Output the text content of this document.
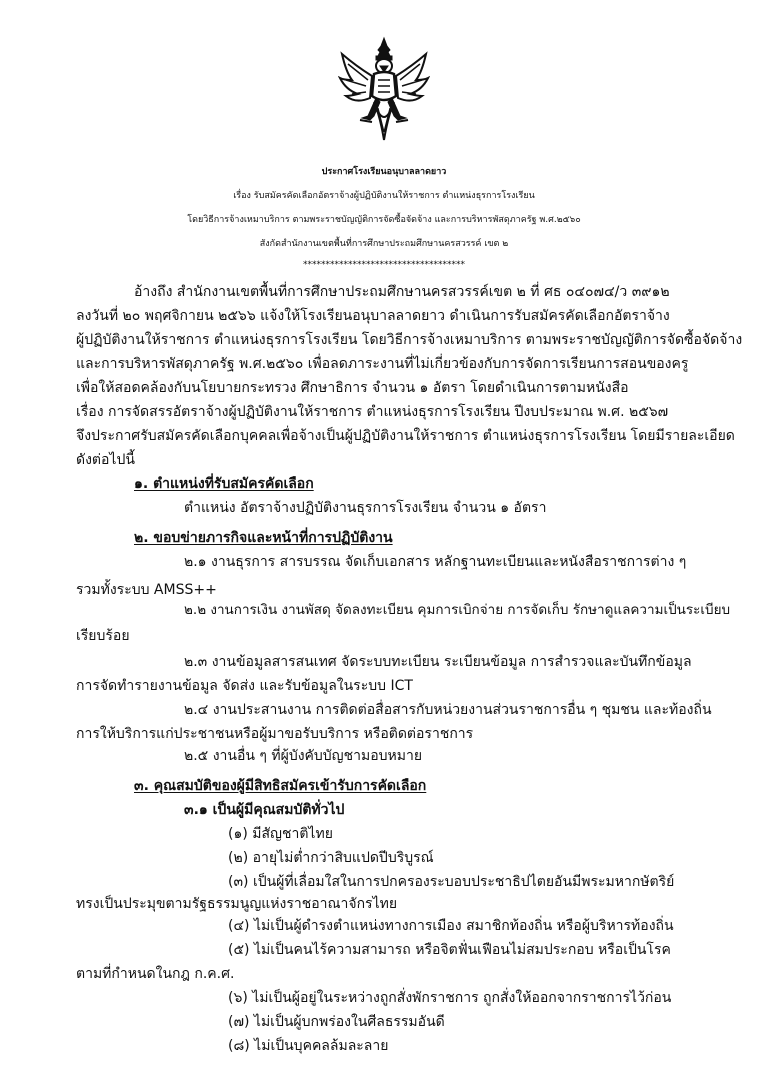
ประกาศโรงเรียนอนุบาลลาดยาว
เรื่อง รับสมัครคัดเลือกอัตราจ้างผู้ปฏิบัติงานให้ราชการ ตำแหน่งธุรการโรงเรียน
โดยวิธีการจ้างเหมาบริการ ตามพระราชบัญญัติการจัดซื้อจัดจ้าง และการบริหารพัสดุภาครัฐ พ.ศ.๒๕๖๐
สังกัดสำนักงานเขตพื้นที่การศึกษาประถมศึกษานครสวรรค์ เขต ๒
************************************
อ้างถึง สำนักงานเขตพื้นที่การศึกษาประถมศึกษานครสวรรค์เขต ๒ ที่ ศธ ๐๔๐๗๔/ว ๓๙๑๒
ลงวันที่ ๒๐ พฤศจิกายน ๒๕๖๖ แจ้งให้โรงเรียนอนุบาลลาดยาว ดำเนินการรับสมัครคัดเลือกอัตราจ้าง
ผู้ปฏิบัติงานให้ราชการ ตำแหน่งธุรการโรงเรียน โดยวิธีการจ้างเหมาบริการ ตามพระราชบัญญัติการจัดซื้อจัดจ้าง
และการบริหารพัสดุภาครัฐ พ.ศ.๒๕๖๐ เพื่อลดภาระงานที่ไม่เกี่ยวข้องกับการจัดการเรียนการสอนของครู
เพื่อให้สอดคล้องกับนโยบายกระทรวง ศึกษาธิการ จำนวน ๑ อัตรา โดยดำเนินการตามหนังสือ
เรื่อง การจัดสรรอัตราจ้างผู้ปฏิบัติงานให้ราชการ ตำแหน่งธุรการโรงเรียน ปีงบประมาณ พ.ศ. ๒๕๖๗
จึงประกาศรับสมัครคัดเลือกบุคคลเพื่อจ้างเป็นผู้ปฏิบัติงานให้ราชการ ตำแหน่งธุรการโรงเรียน โดยมีรายละเอียด
ดังต่อไปนี้
๑. ตำแหน่งที่รับสมัครคัดเลือก
ตำแหน่ง อัตราจ้างปฏิบัติงานธุรการโรงเรียน จำนวน ๑ อัตรา
๒. ขอบข่ายภารกิจและหน้าที่การปฏิบัติงาน
๒.๑ งานธุรการ สารบรรณ จัดเก็บเอกสาร หลักฐานทะเบียนและหนังสือราชการต่าง ๆ
รวมทั้งระบบ AMSS++
๒.๒ งานการเงิน งานพัสดุ จัดลงทะเบียน คุมการเบิกจ่าย การจัดเก็บ รักษาดูแลความเป็นระเบียบ
เรียบร้อย
๒.๓ งานข้อมูลสารสนเทศ จัดระบบทะเบียน ระเบียนข้อมูล การสำรวจและบันทึกข้อมูล
การจัดทำรายงานข้อมูล จัดส่ง และรับข้อมูลในระบบ ICT
๒.๔ งานประสานงาน การติดต่อสื่อสารกับหน่วยงานส่วนราชการอื่น ๆ ชุมชน และท้องถิ่น
การให้บริการแก่ประชาชนหรือผู้มาขอรับบริการ หรือติดต่อราชการ
๒.๕ งานอื่น ๆ ที่ผู้บังคับบัญชามอบหมาย
๓. คุณสมบัติของผู้มีสิทธิสมัครเข้ารับการคัดเลือก
๓.๑ เป็นผู้มีคุณสมบัติทั่วไป
(๑) มีสัญชาติไทย
(๒) อายุไม่ต่ำกว่าสิบแปดปีบริบูรณ์
(๓) เป็นผู้ที่เลื่อมใสในการปกครองระบอบประชาธิปไตยอันมีพระมหากษัตริย์
ทรงเป็นประมุขตามรัฐธรรมนูญแห่งราชอาณาจักรไทย
(๔) ไม่เป็นผู้ดำรงตำแหน่งทางการเมือง สมาชิกท้องถิ่น หรือผู้บริหารท้องถิ่น
(๕) ไม่เป็นคนไร้ความสามารถ หรือจิตฟั่นเฟือนไม่สมประกอบ หรือเป็นโรค
ตามที่กำหนดในกฎ ก.ค.ศ.
(๖) ไม่เป็นผู้อยู่ในระหว่างถูกสั่งพักราชการ ถูกสั่งให้ออกจากราชการไว้ก่อน
(๗) ไม่เป็นผู้บกพร่องในศีลธรรมอันดี
(๘) ไม่เป็นบุคคลล้มละลาย
